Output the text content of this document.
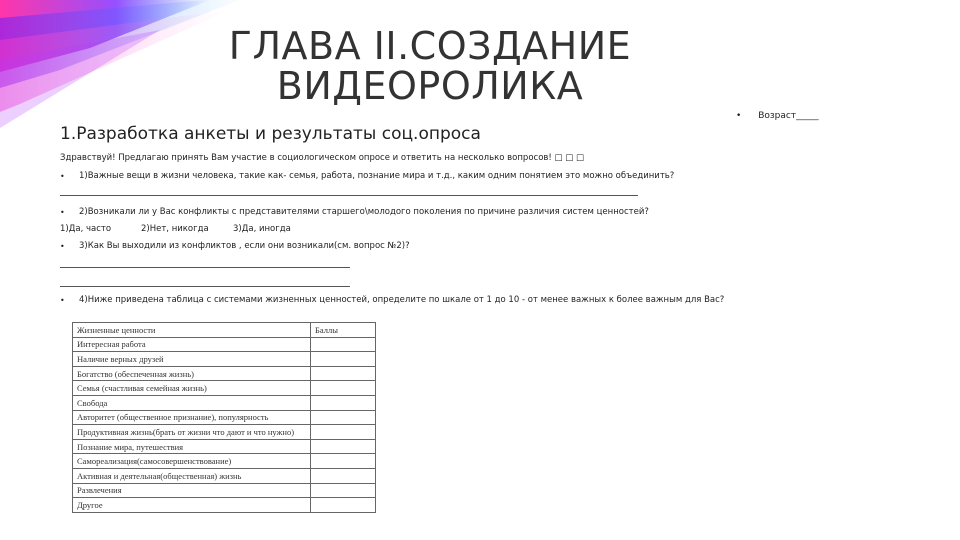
ГЛАВА II.СОЗДАНИЕ
ВИДЕОРОЛИКА
1.Разработка анкеты и результаты соц.опроса
• Возраст_____
Здравствуй! Предлагаю принять Вам участие в социологическом опросе и ответить на несколько вопросов! □ □ □
• 1)Важные вещи в жизни человека, такие как- семья, работа, познание мира и т.д., каким одним понятием это можно объединить?
• 2)Возникали ли у Вас конфликты с представителями старшего\молодого поколения по причине различия систем ценностей?
1)Да, часто	2)Нет, никогда	3)Да, иногда
• 3)Как Вы выходили из конфликтов , если они возникали(см. вопрос №2)?
• 4)Ниже приведена таблица с системами жизненных ценностей, определите по шкале от 1 до 10 - от менее важных к более важным для Вас?
Жизненные ценности	Баллы
Интересная работа	
Наличие верных друзей	
Богатство (обеспеченная жизнь)	
Семья (счастливая семейная жизнь)	
Свобода	
Авторитет (общественное признание), популярность	
Продуктивная жизнь(брать от жизни что дают и что нужно)	
Познание мира, путешествия	
Самореализация(самосовершенствование)	
Активная и деятельная(общественная) жизнь	
Развлечения	
Другое	
